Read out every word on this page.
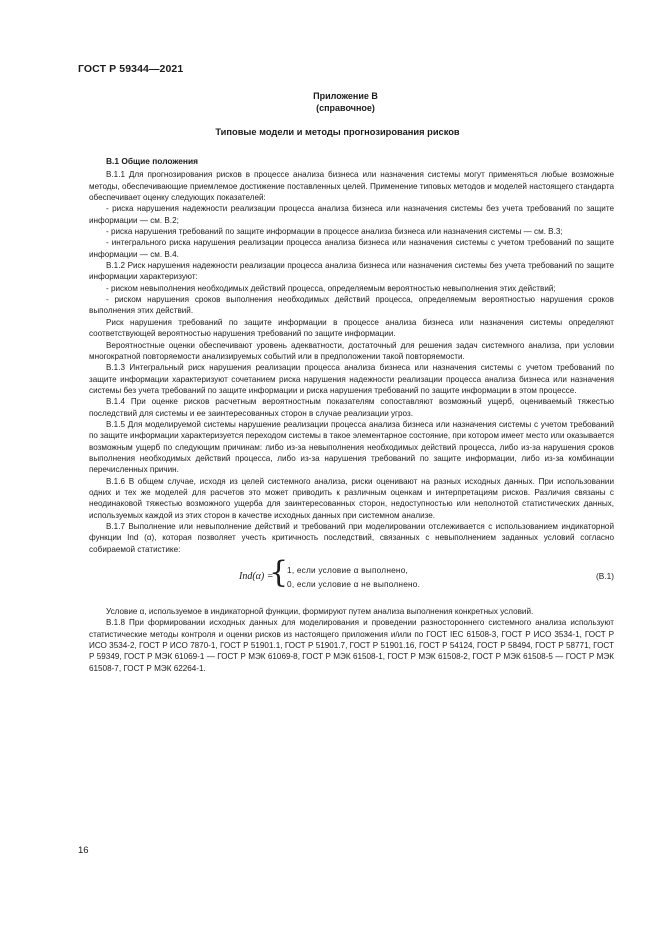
ГОСТ Р 59344—2021
Приложение В
(справочное)
Типовые модели и методы прогнозирования рисков

В.1 Общие положения

В.1.1 Для прогнозирования рисков в процессе анализа бизнеса или назначения системы могут применяться любые возможные методы, обеспечивающие приемлемое достижение поставленных целей. Применение типовых методов и моделей настоящего стандарта обеспечивает оценку следующих показателей:

- риска нарушения надежности реализации процесса анализа бизнеса или назначения системы без учета требований по защите информации — см. В.2;

- риска нарушения требований по защите информации в процессе анализа бизнеса или назначения системы — см. В.3;

- интегрального риска нарушения реализации процесса анализа бизнеса или назначения системы с учетом требований по защите информации — см. В.4.

В.1.2 Риск нарушения надежности реализации процесса анализа бизнеса или назначения системы без учета требований по защите информации характеризуют:

- риском невыполнения необходимых действий процесса, определяемым вероятностью невыполнения этих действий;

- риском нарушения сроков выполнения необходимых действий процесса, определяемым вероятностью нарушения сроков выполнения этих действий.

Риск нарушения требований по защите информации в процессе анализа бизнеса или назначения системы определяют соответствующей вероятностью нарушения требований по защите информации.

Вероятностные оценки обеспечивают уровень адекватности, достаточный для решения задач системного анализа, при условии многократной повторяемости анализируемых событий или в предположении такой повторяемости.

В.1.3 Интегральный риск нарушения реализации процесса анализа бизнеса или назначения системы с учетом требований по защите информации характеризуют сочетанием риска нарушения надежности реализации процесса анализа бизнеса или назначения системы без учета требований по защите информации и риска нарушения требований по защите информации в этом процессе.

В.1.4 При оценке рисков расчетным вероятностным показателям сопоставляют возможный ущерб, оцениваемый тяжестью последствий для системы и ее заинтересованных сторон в случае реализации угроз.

В.1.5 Для моделируемой системы нарушение реализации процесса анализа бизнеса или назначения системы с учетом требований по защите информации характеризуется переходом системы в такое элементарное состояние, при котором имеет место или оказывается возможным ущерб по следующим причинам: либо из-за невыполнения необходимых действий процесса, либо из-за нарушения сроков выполнения необходимых действий процесса, либо из-за нарушения требований по защите информации, либо из-за комбинации перечисленных причин.

В.1.6 В общем случае, исходя из целей системного анализа, риски оценивают на разных исходных данных. При использовании одних и тех же моделей для расчетов это может приводить к различным оценкам и интерпретациям рисков. Различия связаны с неодинаковой тяжестью возможного ущерба для заинтересованных сторон, недоступностью или неполнотой статистических данных, используемых каждой из этих сторон в качестве исходных данных при системном анализе.

В.1.7 Выполнение или невыполнение действий и требований при моделировании отслеживается с использованием индикаторной функции Ind (α), которая позволяет учесть критичность последствий, связанных с невыполнением заданных условий согласно собираемой статистике:

Ind(α) =
{
1, если условие α выполнено,
0, если условие α не выполнено.
(В.1)

Условие α, используемое в индикаторной функции, формируют путем анализа выполнения конкретных условий.

В.1.8 При формировании исходных данных для моделирования и проведении разностороннего системного анализа используют статистические методы контроля и оценки рисков из настоящего приложения и/или по ГОСТ IEC 61508-3, ГОСТ Р ИСО 3534-1, ГОСТ Р ИСО 3534-2, ГОСТ Р ИСО 7870-1, ГОСТ Р 51901.1, ГОСТ Р 51901.7, ГОСТ Р 51901.16, ГОСТ Р 54124, ГОСТ Р 58494, ГОСТ Р 58771, ГОСТ Р 59349, ГОСТ Р МЭК 61069-1 — ГОСТ Р МЭК 61069-8, ГОСТ Р МЭК 61508-1, ГОСТ Р МЭК 61508-2, ГОСТ Р МЭК 61508-5 — ГОСТ Р МЭК 61508-7, ГОСТ Р МЭК 62264-1.

16
